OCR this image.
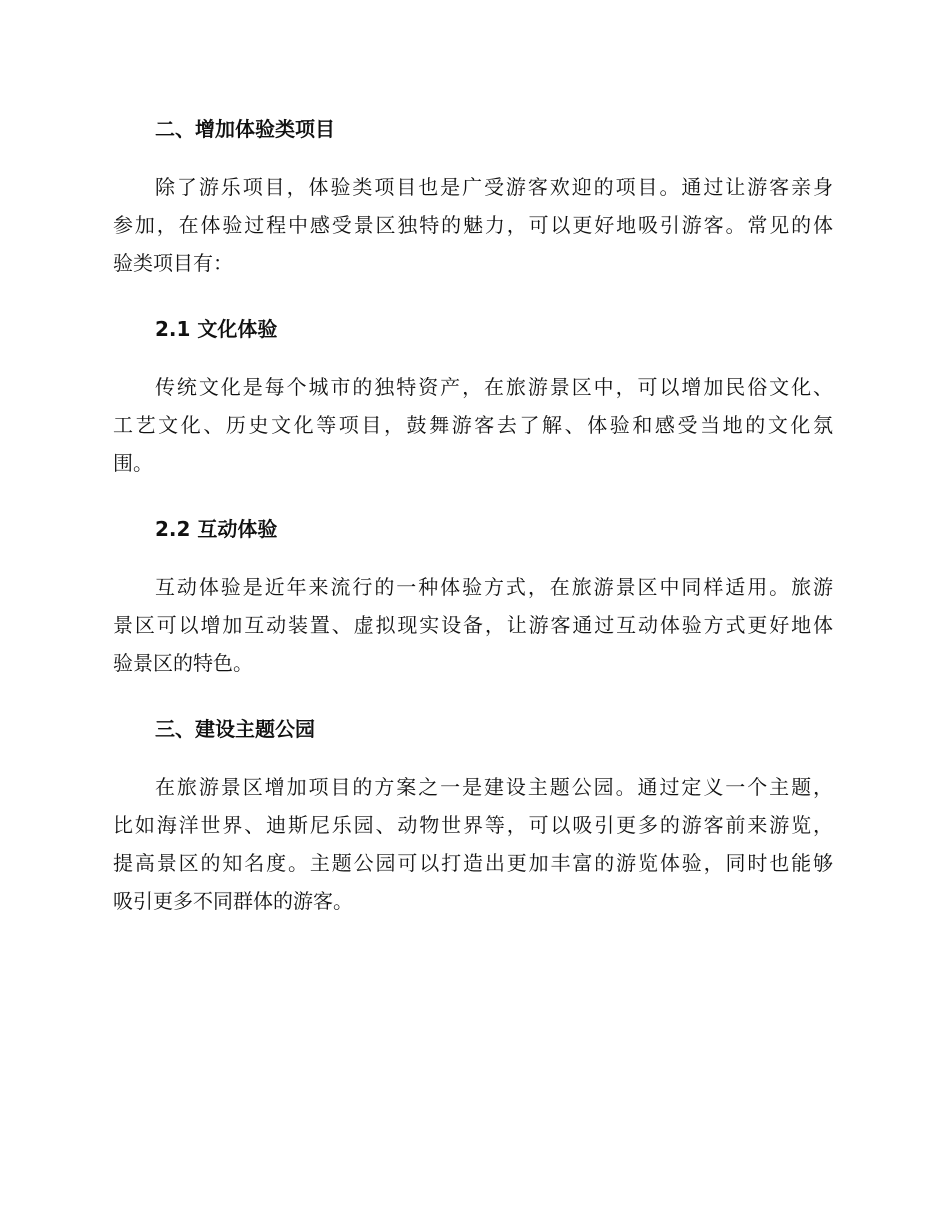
二、增加体验类项目
除了游乐项目，体验类项目也是广受游客欢迎的项目。通过让游客亲身
参加，在体验过程中感受景区独特的魅力，可以更好地吸引游客。常见的体
验类项目有：
2.1 文化体验
传统文化是每个城市的独特资产，在旅游景区中，可以增加民俗文化、
工艺文化、历史文化等项目，鼓舞游客去了解、体验和感受当地的文化氛
围。
2.2 互动体验
互动体验是近年来流行的一种体验方式，在旅游景区中同样适用。旅游
景区可以增加互动装置、虚拟现实设备，让游客通过互动体验方式更好地体
验景区的特色。
三、建设主题公园
在旅游景区增加项目的方案之一是建设主题公园。通过定义一个主题，
比如海洋世界、迪斯尼乐园、动物世界等，可以吸引更多的游客前来游览，
提高景区的知名度。主题公园可以打造出更加丰富的游览体验，同时也能够
吸引更多不同群体的游客。
